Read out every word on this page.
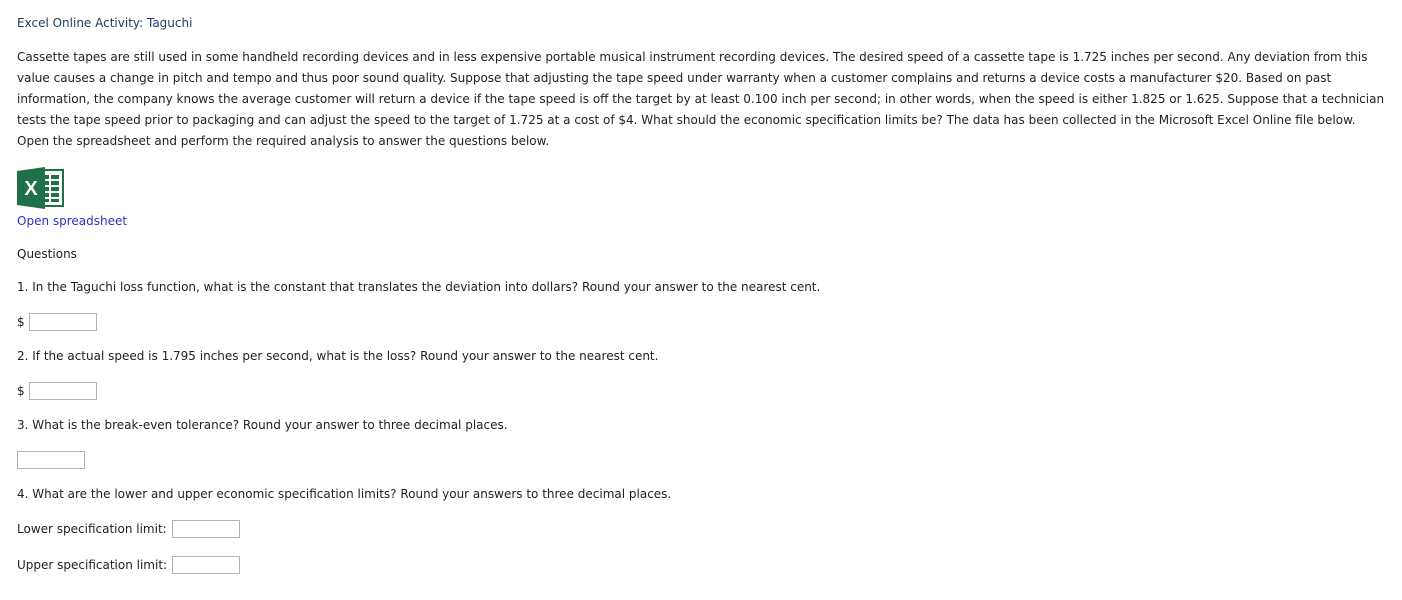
Excel Online Activity: Taguchi

Cassette tapes are still used in some handheld recording devices and in less expensive portable musical instrument recording devices. The desired speed of a cassette tape is 1.725 inches per second. Any deviation from this value causes a change in pitch and tempo and thus poor sound quality. Suppose that adjusting the tape speed under warranty when a customer complains and returns a device costs a manufacturer $20. Based on past information, the company knows the average customer will return a device if the tape speed is off the target by at least 0.100 inch per second; in other words, when the speed is either 1.825 or 1.625. Suppose that a technician tests the tape speed prior to packaging and can adjust the speed to the target of 1.725 at a cost of $4. What should the economic specification limits be? The data has been collected in the Microsoft Excel Online file below. Open the spreadsheet and perform the required analysis to answer the questions below.

X
Open spreadsheet
Questions
1. In the Taguchi loss function, what is the constant that translates the deviation into dollars? Round your answer to the nearest cent.
$
2. If the actual speed is 1.795 inches per second, what is the loss? Round your answer to the nearest cent.
$
3. What is the break-even tolerance? Round your answer to three decimal places.
4. What are the lower and upper economic specification limits? Round your answers to three decimal places.
Lower specification limit:
Upper specification limit:
